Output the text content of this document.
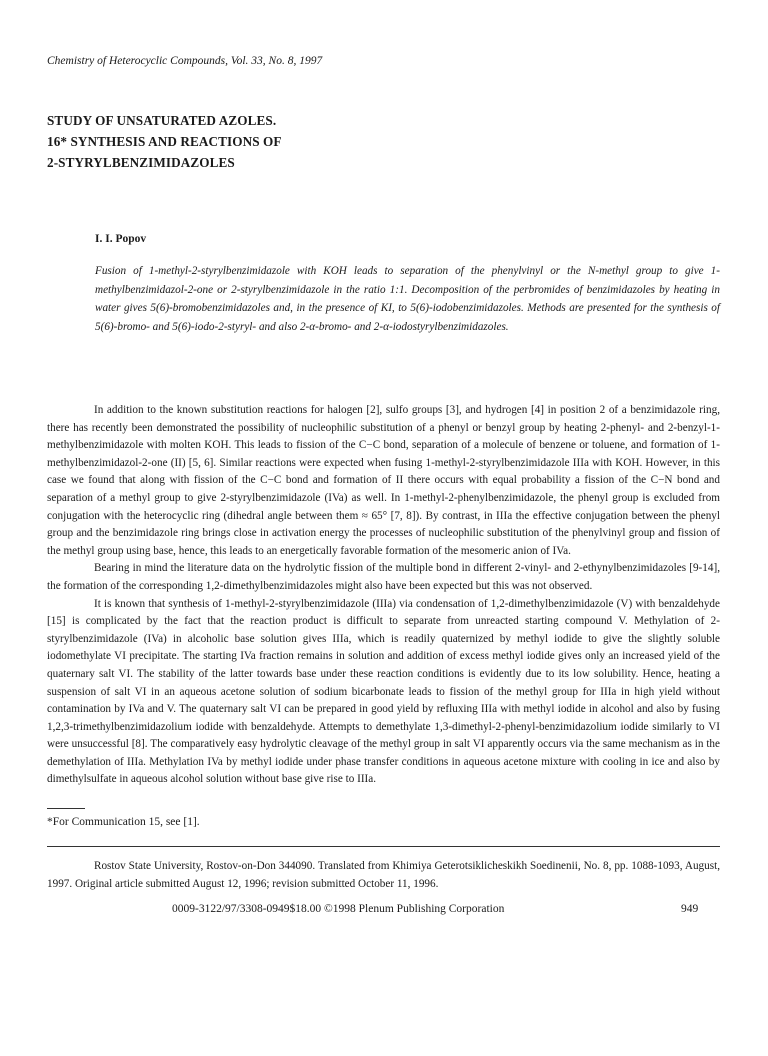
Chemistry of Heterocyclic Compounds, Vol. 33, No. 8, 1997
STUDY OF UNSATURATED AZOLES.
16* SYNTHESIS AND REACTIONS OF
2-STYRYLBENZIMIDAZOLES
I. I. Popov
Fusion of 1-methyl-2-styrylbenzimidazole with KOH leads to separation of the phenylvinyl or the N-methyl group to give 1-methylbenzimidazol-2-one or 2-styrylbenzimidazole in the ratio 1:1. Decomposition of the perbromides of benzimidazoles by heating in water gives 5(6)-bromobenzimidazoles and, in the presence of KI, to 5(6)-iodobenzimidazoles. Methods are presented for the synthesis of 5(6)-bromo- and 5(6)-iodo-2-styryl- and also 2-α-bromo- and 2-α-iodostyrylbenzimidazoles.

In addition to the known substitution reactions for halogen [2], sulfo groups [3], and hydrogen [4] in position 2 of a benzimidazole ring, there has recently been demonstrated the possibility of nucleophilic substitution of a phenyl or benzyl group by heating 2-phenyl- and 2-benzyl-1-methylbenzimidazole with molten KOH. This leads to fission of the C−C bond, separation of a molecule of benzene or toluene, and formation of 1-methylbenzimidazol-2-one (II) [5, 6]. Similar reactions were expected when fusing 1-methyl-2-styrylbenzimidazole IIIa with KOH. However, in this case we found that along with fission of the C−C bond and formation of II there occurs with equal probability a fission of the C−N bond and separation of a methyl group to give 2-styrylbenzimidazole (IVa) as well. In 1-methyl-2-phenylbenzimidazole, the phenyl group is excluded from conjugation with the heterocyclic ring (dihedral angle between them ≈ 65° [7, 8]). By contrast, in IIIa the effective conjugation between the phenyl group and the benzimidazole ring brings close in activation energy the processes of nucleophilic substitution of the phenylvinyl group and fission of the methyl group using base, hence, this leads to an energetically favorable formation of the mesomeric anion of IVa.

Bearing in mind the literature data on the hydrolytic fission of the multiple bond in different 2-vinyl- and 2-ethynylbenzimidazoles [9-14], the formation of the corresponding 1,2-dimethylbenzimidazoles might also have been expected but this was not observed.

It is known that synthesis of 1-methyl-2-styrylbenzimidazole (IIIa) via condensation of 1,2-dimethylbenzimidazole (V) with benzaldehyde [15] is complicated by the fact that the reaction product is difficult to separate from unreacted starting compound V. Methylation of 2-styrylbenzimidazole (IVa) in alcoholic base solution gives IIIa, which is readily quaternized by methyl iodide to give the slightly soluble iodomethylate VI precipitate. The starting IVa fraction remains in solution and addition of excess methyl iodide gives only an increased yield of the quaternary salt VI. The stability of the latter towards base under these reaction conditions is evidently due to its low solubility. Hence, heating a suspension of salt VI in an aqueous acetone solution of sodium bicarbonate leads to fission of the methyl group for IIIa in high yield without contamination by IVa and V. The quaternary salt VI can be prepared in good yield by refluxing IIIa with methyl iodide in alcohol and also by fusing 1,2,3-trimethylbenzimidazolium iodide with benzaldehyde. Attempts to demethylate 1,3-dimethyl-2-phenyl-benzimidazolium iodide similarly to VI were unsuccessful [8]. The comparatively easy hydrolytic cleavage of the methyl group in salt VI apparently occurs via the same mechanism as in the demethylation of IIIa. Methylation IVa by methyl iodide under phase transfer conditions in aqueous acetone mixture with cooling in ice and also by dimethylsulfate in aqueous alcohol solution without base give rise to IIIa.

*For Communication 15, see [1].
Rostov State University, Rostov-on-Don 344090. Translated from Khimiya Geterotsiklicheskikh Soedinenii, No. 8, pp. 1088-1093, August, 1997. Original article submitted August 12, 1996; revision submitted October 11, 1996.
0009-3122/97/3308-0949$18.00 ©1998 Plenum Publishing Corporation	949
